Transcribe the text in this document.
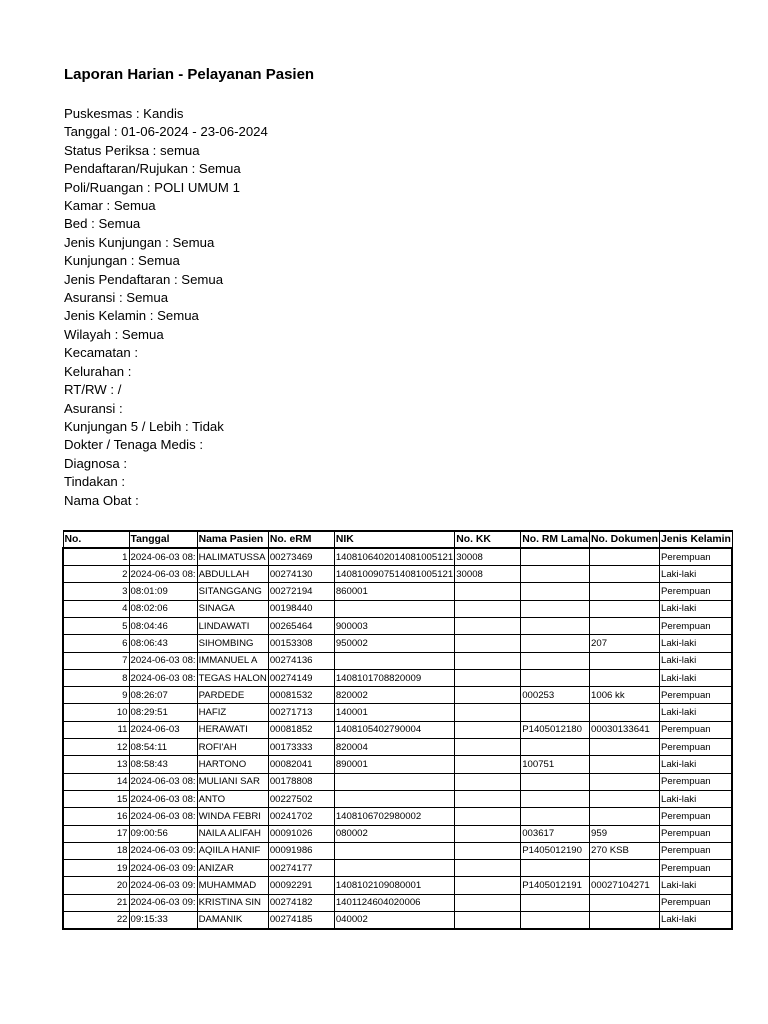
Laporan Harian - Pelayanan Pasien
Puskesmas : Kandis
Tanggal : 01-06-2024 - 23-06-2024
Status Periksa : semua
Pendaftaran/Rujukan : Semua
Poli/Ruangan : POLI UMUM 1
Kamar : Semua
Bed : Semua
Jenis Kunjungan : Semua
Kunjungan : Semua
Jenis Pendaftaran : Semua
Asuransi : Semua
Jenis Kelamin : Semua
Wilayah : Semua
Kecamatan :
Kelurahan :
RT/RW : /
Asuransi :
Kunjungan 5 / Lebih : Tidak
Dokter / Tenaga Medis :
Diagnosa :
Tindakan :
Nama Obat :
No.	Tanggal	Nama Pasien	No. eRM	NIK	No. KK	No. RM Lama	No. Dokumen	Jenis Kelamin
1	2024-06-03 08:	HALIMATUSSA	00273469	1408106402014081005121	30008			Perempuan
2	2024-06-03 08:	ABDULLAH	00274130	1408100907514081005121	30008			Laki-laki
3	08:01:09	SITANGGANG	00272194	860001				Perempuan
4	08:02:06	SINAGA	00198440					Laki-laki
5	08:04:46	LINDAWATI	00265464	900003				Perempuan
6	08:06:43	SIHOMBING	00153308	950002			207	Laki-laki
7	2024-06-03 08:	IMMANUEL A	00274136					Laki-laki
8	2024-06-03 08:	TEGAS HALON	00274149	1408101708820009				Laki-laki
9	08:26:07	PARDEDE	00081532	820002		000253	1006 kk	Perempuan
10	08:29:51	HAFIZ	00271713	140001				Laki-laki
11	2024-06-03	HERAWATI	00081852	1408105402790004		P1405012180	00030133641	Perempuan
12	08:54:11	ROFI'AH	00173333	820004				Perempuan
13	08:58:43	HARTONO	00082041	890001		100751		Laki-laki
14	2024-06-03 08:	MULIANI SAR	00178808					Perempuan
15	2024-06-03 08:	ANTO	00227502					Laki-laki
16	2024-06-03 08:	WINDA FEBRI	00241702	1408106702980002				Perempuan
17	09:00:56	NAILA ALIFAH	00091026	080002		003617	959	Perempuan
18	2024-06-03 09:	AQIILA HANIF	00091986			P1405012190	270 KSB	Perempuan
19	2024-06-03 09:	ANIZAR	00274177					Perempuan
20	2024-06-03 09:	MUHAMMAD	00092291	1408102109080001		P1405012191	00027104271	Laki-laki
21	2024-06-03 09:	KRISTINA SIN	00274182	1401124604020006				Perempuan
22	09:15:33	DAMANIK	00274185	040002				Laki-laki
